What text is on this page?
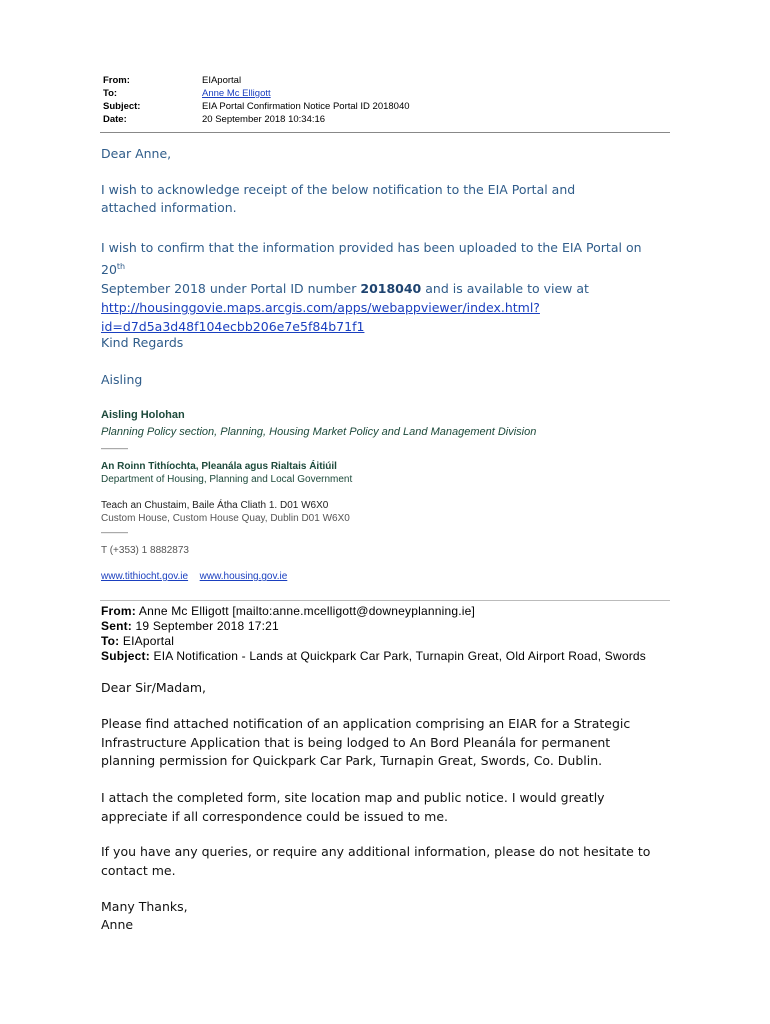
From:	EIAportal
To:	Anne Mc Elligott
Subject:	EIA Portal Confirmation Notice Portal ID 2018040
Date:	20 September 2018 10:34:16
Dear Anne,
I wish to acknowledge receipt of the below notification to the EIA Portal and attached information.
I wish to confirm that the information provided has been uploaded to the EIA Portal on 20th
September 2018 under Portal ID number 2018040 and is available to view at
http://housinggovie.maps.arcgis.com/apps/webappviewer/index.html?
id=d7d5a3d48f104ecbb206e7e5f84b71f1
Kind Regards
Aisling
Aisling Holohan
Planning Policy section, Planning, Housing Market Policy and Land Management Division
———
An Roinn Tithíochta, Pleanála agus Rialtais Áitiúil
Department of Housing, Planning and Local Government
Teach an Chustaim, Baile Átha Cliath 1. D01 W6X0
Custom House, Custom House Quay, Dublin D01 W6X0
———
T (+353) 1 8882873
www.tithiocht.gov.ie www.housing.gov.ie
From: Anne Mc Elligott [mailto:anne.mcelligott@downeyplanning.ie]
Sent: 19 September 2018 17:21
To: EIAportal
Subject: EIA Notification - Lands at Quickpark Car Park, Turnapin Great, Old Airport Road, Swords
Dear Sir/Madam,
Please find attached notification of an application comprising an EIAR for a Strategic Infrastructure Application that is being lodged to An Bord Pleanála for permanent planning permission for Quickpark Car Park, Turnapin Great, Swords, Co. Dublin.
I attach the completed form, site location map and public notice. I would greatly appreciate if all correspondence could be issued to me.
If you have any queries, or require any additional information, please do not hesitate to contact me.
Many Thanks,
Anne
